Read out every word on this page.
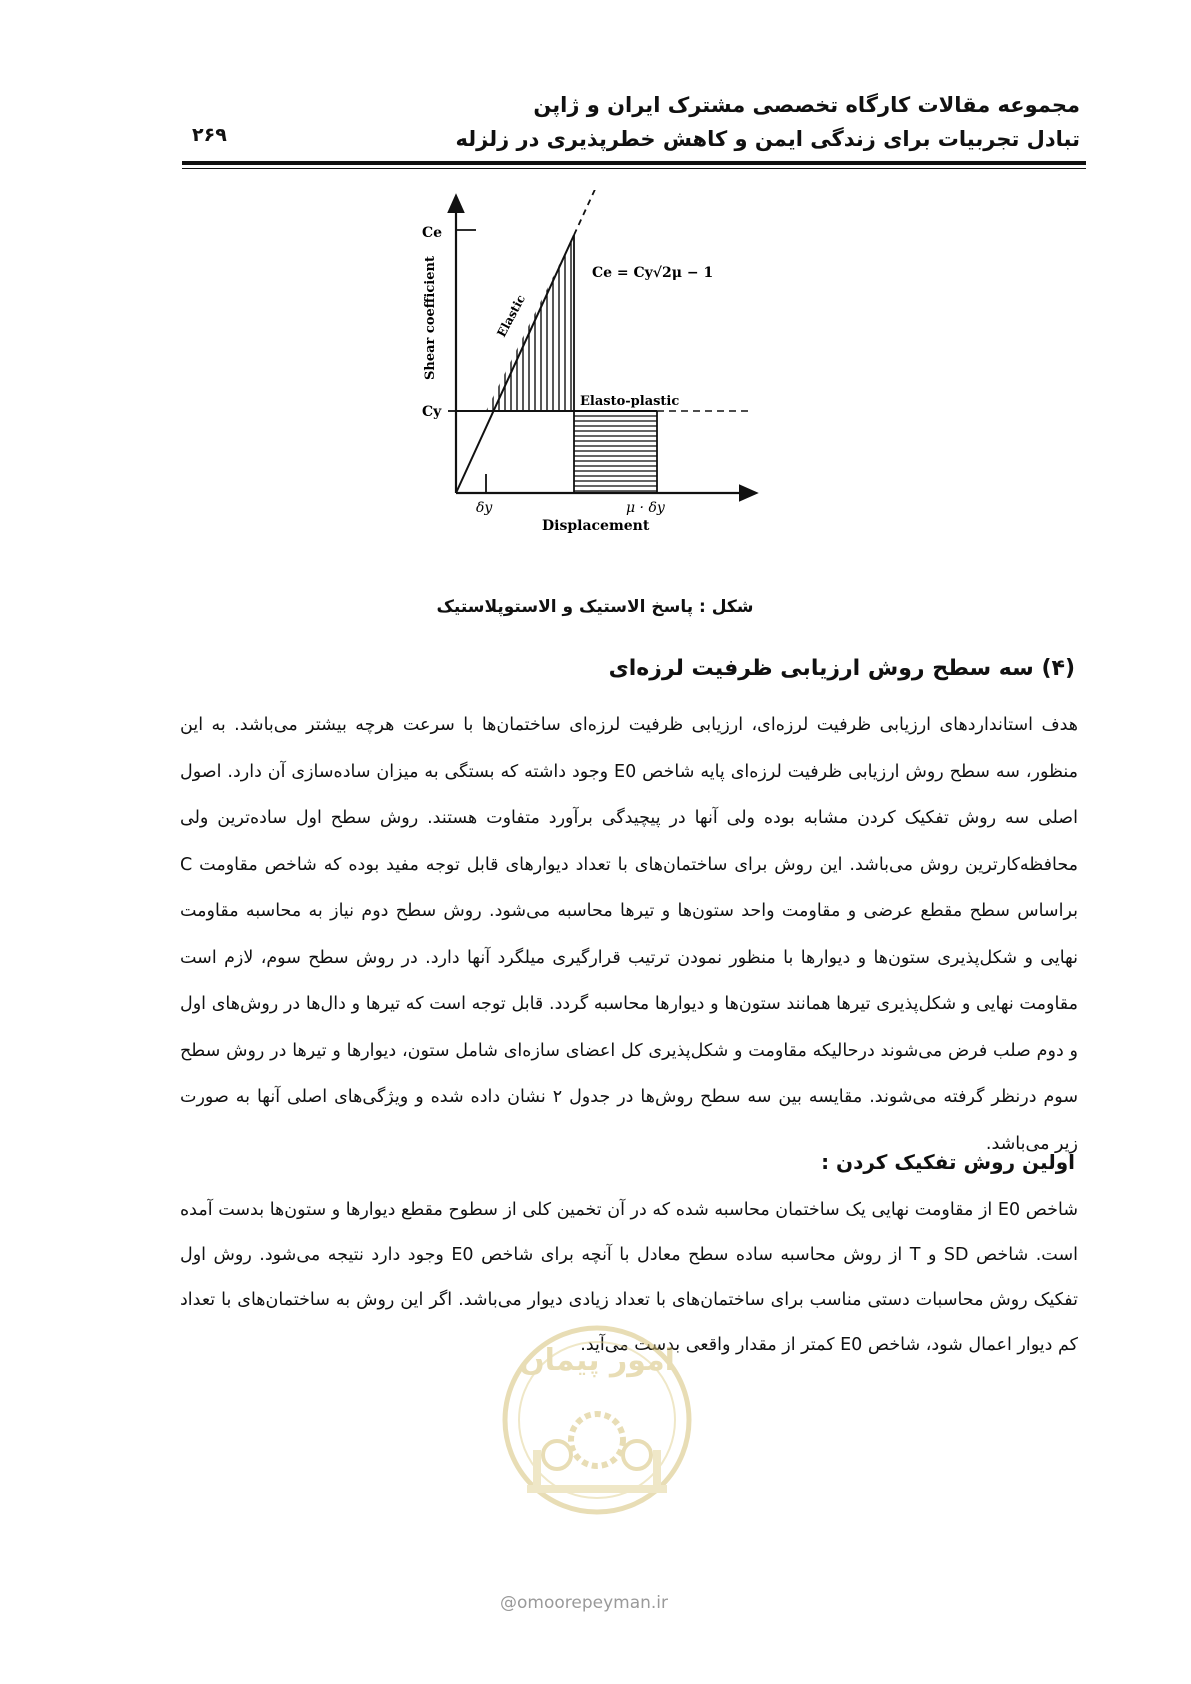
مجموعه مقالات کارگاه تخصصی مشترک ایران و ژاپن
تبادل تجربیات برای زندگی ایمن و کاهش خطرپذیری در زلزله
۲۶۹
Ce
Cy
Shear coefficient
δy	μ · δy
Displacement
Ce = Cy√2μ − 1
Elastic
Elasto-plastic
شکل : پاسخ الاستیک و الاستوپلاستیک
(۴) سه سطح روش ارزیابی ظرفیت لرزه‌ای
هدف استانداردهای ارزیابی ظرفیت لرزه‌ای، ارزیابی ظرفیت لرزه‌ای ساختمان‌ها با سرعت هرچه بیشتر می‌باشد. به این منظور، سه سطح روش ارزیابی ظرفیت لرزه‌ای پایه شاخص E0 وجود داشته که بستگی به میزان ساده‌سازی آن دارد. اصول اصلی سه روش تفکیک کردن مشابه بوده ولی آنها در پیچیدگی برآورد متفاوت هستند. روش سطح اول ساده‌ترین ولی محافظه‌کارترین روش می‌باشد. این روش برای ساختمان‌های با تعداد دیوارهای قابل توجه مفید بوده که شاخص مقاومت C براساس سطح مقطع عرضی و مقاومت واحد ستون‌ها و تیرها محاسبه می‌شود. روش سطح دوم نیاز به محاسبه مقاومت نهایی و شکل‌پذیری ستون‌ها و دیوارها با منظور نمودن ترتیب قرارگیری میلگرد آنها دارد. در روش سطح سوم، لازم است مقاومت نهایی و شکل‌پذیری تیرها همانند ستون‌ها و دیوارها محاسبه گردد. قابل توجه است که تیرها و دال‌ها در روش‌های اول و دوم صلب فرض می‌شوند درحالیکه مقاومت و شکل‌پذیری کل اعضای سازه‌ای شامل ستون، دیوارها و تیرها در روش سطح سوم درنظر گرفته می‌شوند. مقایسه بین سه سطح روش‌ها در جدول ۲ نشان داده شده و ویژگی‌های اصلی آنها به صورت زیر می‌باشد.
اولین روش تفکیک کردن :
شاخص E0 از مقاومت نهایی یک ساختمان محاسبه شده که در آن تخمین کلی از سطوح مقطع دیوارها و ستون‌ها بدست آمده است. شاخص SD و T از روش محاسبه ساده سطح معادل با آنچه برای شاخص E0 وجود دارد نتیجه می‌شود. روش اول تفکیک روش محاسبات دستی مناسب برای ساختمان‌های با تعداد زیادی دیوار می‌باشد. اگر این روش به ساختمان‌های با تعداد کم دیوار اعمال شود، شاخص E0 کمتر از مقدار واقعی بدست می‌آید.
امور پیمان
@omoorepeyman.ir
